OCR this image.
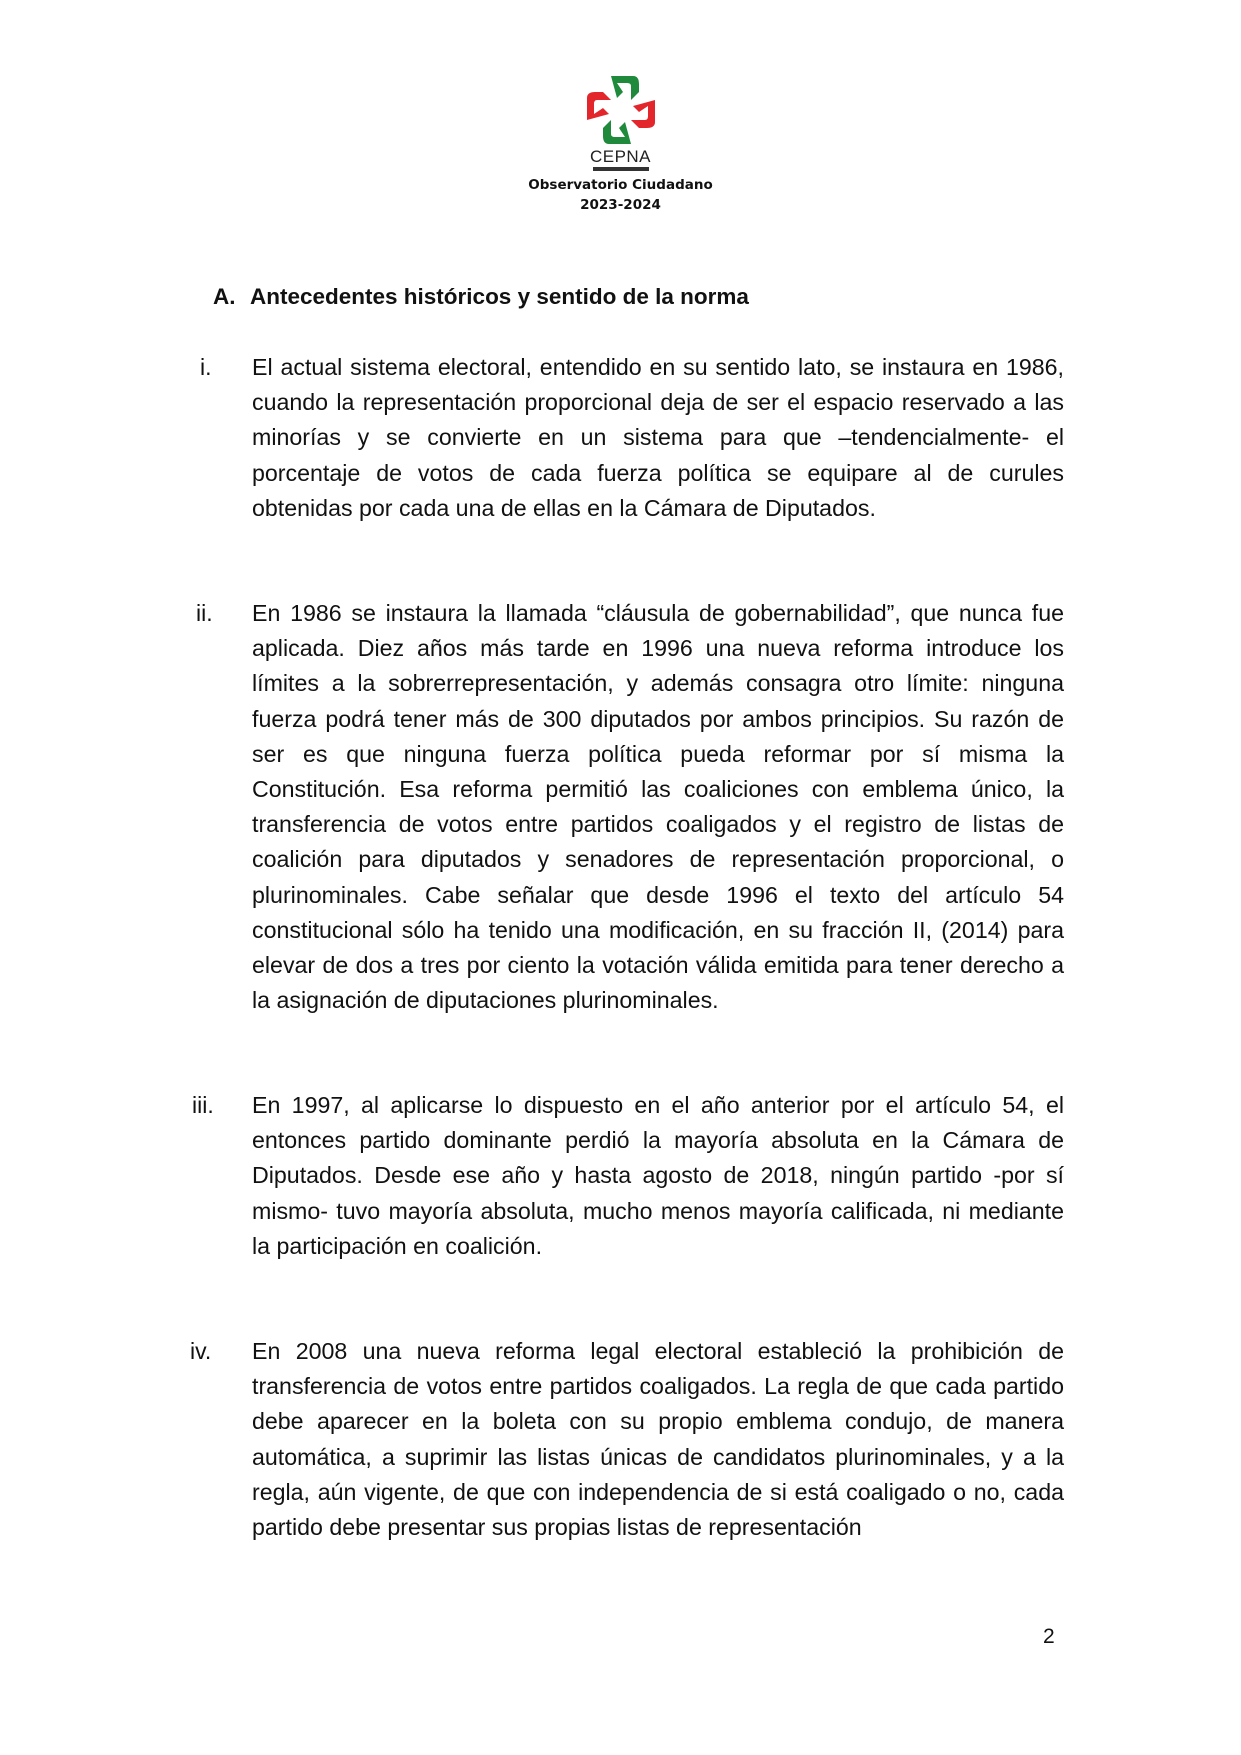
CEPNA
Observatorio Ciudadano
2023-2024
A. Antecedentes históricos y sentido de la norma
i. El actual sistema electoral, entendido en su sentido lato, se instaura en 1986, cuando la representación proporcional deja de ser el espacio reservado a las minorías y se convierte en un sistema para que –tendencialmente- el porcentaje de votos de cada fuerza política se equipare al de curules obtenidas por cada una de ellas en la Cámara de Diputados.

ii. En 1986 se instaura la llamada “cláusula de gobernabilidad”, que nunca fue aplicada. Diez años más tarde en 1996 una nueva reforma introduce los límites a la sobrerrepresentación, y además consagra otro límite: ninguna fuerza podrá tener más de 300 diputados por ambos principios. Su razón de ser es que ninguna fuerza política pueda reformar por sí misma la Constitución. Esa reforma permitió las coaliciones con emblema único, la transferencia de votos entre partidos coaligados y el registro de listas de coalición para diputados y senadores de representación proporcional, o plurinominales. Cabe señalar que desde 1996 el texto del artículo 54 constitucional sólo ha tenido una modificación, en su fracción II, (2014) para elevar de dos a tres por ciento la votación válida emitida para tener derecho a la asignación de diputaciones plurinominales.

iii. En 1997, al aplicarse lo dispuesto en el año anterior por el artículo 54, el entonces partido dominante perdió la mayoría absoluta en la Cámara de Diputados. Desde ese año y hasta agosto de 2018, ningún partido -por sí mismo- tuvo mayoría absoluta, mucho menos mayoría calificada, ni mediante la participación en coalición.

iv. En 2008 una nueva reforma legal electoral estableció la prohibición de transferencia de votos entre partidos coaligados. La regla de que cada partido debe aparecer en la boleta con su propio emblema condujo, de manera automática, a suprimir las listas únicas de candidatos plurinominales, y a la regla, aún vigente, de que con independencia de si está coaligado o no, cada partido debe presentar sus propias listas de representación

2
